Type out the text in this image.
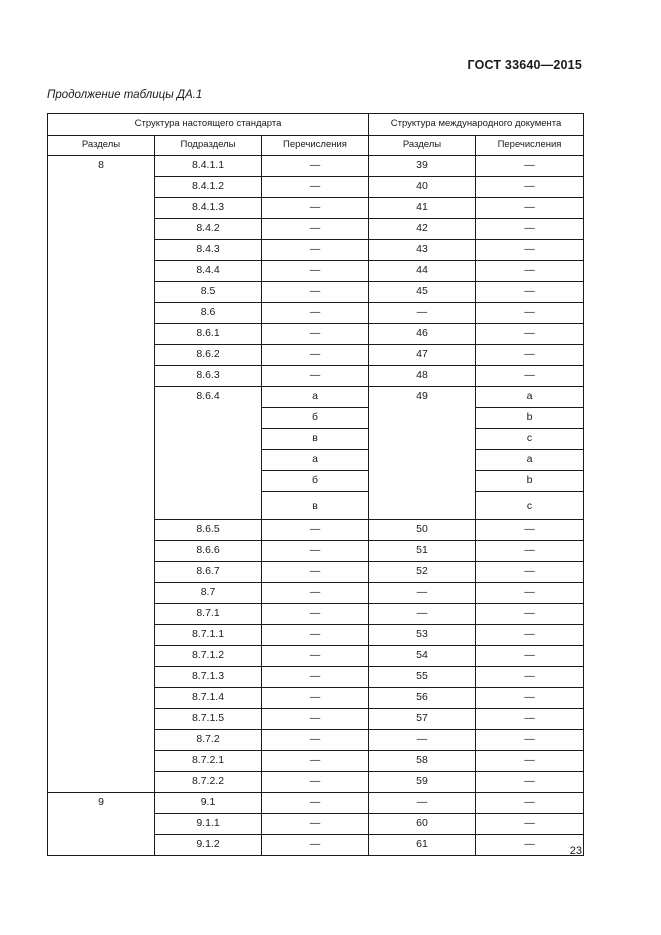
ГОСТ 33640—2015
Продолжение таблицы ДА.1
Структура настоящего стандарта			Структура международного документа	
Разделы	Подразделы	Перечисления	Разделы	Перечисления
8	8.4.1.1	—	39	—
	8.4.1.2	—	40	—
	8.4.1.3	—	41	—
	8.4.2	—	42	—
	8.4.3	—	43	—
	8.4.4	—	44	—
	8.5	—	45	—
	8.6	—	—	—
	8.6.1	—	46	—
	8.6.2	—	47	—
	8.6.3	—	48	—
	8.6.4	а	49	a
		б		b
		в		c
		а		a
		б		b
		в		c
	8.6.5	—	50	—
	8.6.6	—	51	—
	8.6.7	—	52	—
	8.7	—	—	—
	8.7.1	—	—	—
	8.7.1.1	—	53	—
	8.7.1.2	—	54	—
	8.7.1.3	—	55	—
	8.7.1.4	—	56	—
	8.7.1.5	—	57	—
	8.7.2	—	—	—
	8.7.2.1	—	58	—
	8.7.2.2	—	59	—
9	9.1	—	—	—
	9.1.1	—	60	—
	9.1.2	—	61	—
23
